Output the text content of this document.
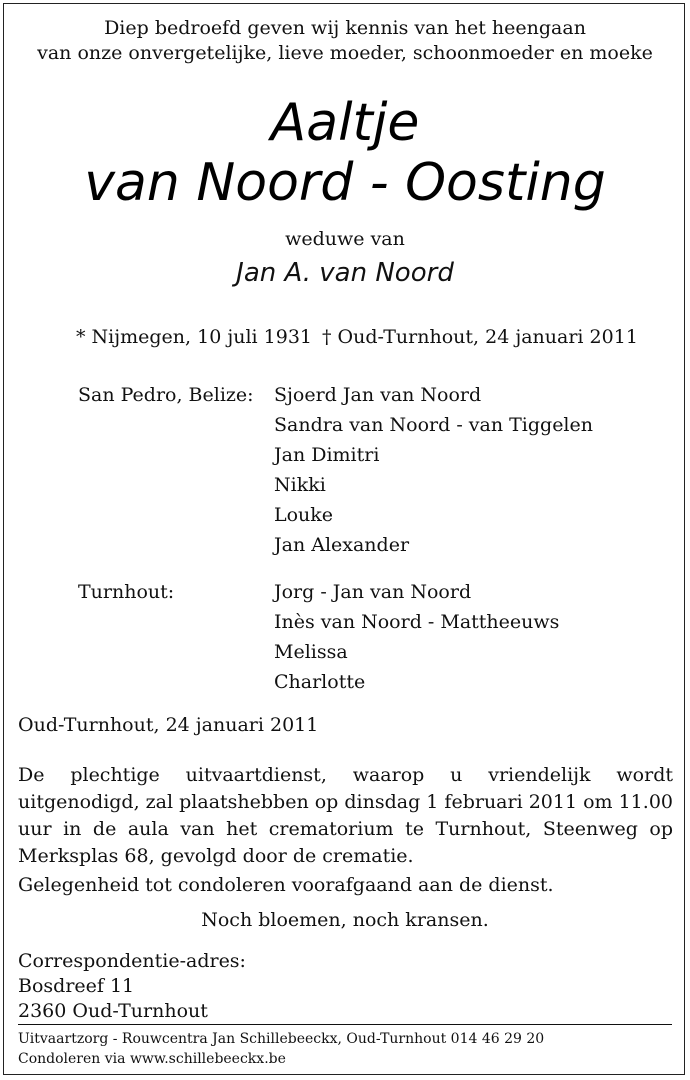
Diep bedroefd geven wij kennis van het heengaan
van onze onvergetelijke, lieve moeder, schoonmoeder en moeke
Aaltje
van Noord - Oosting
weduwe van
Jan A. van Noord
* Nijmegen, 10 juli 1931 † Oud-Turnhout, 24 januari 2011
San Pedro, Belize: Sjoerd Jan van Noord
Sandra van Noord - van Tiggelen
Jan Dimitri
Nikki
Louke
Jan Alexander
Turnhout:	Jorg - Jan van Noord
Inès van Noord - Mattheeuws
Melissa
Charlotte
Oud-Turnhout, 24 januari 2011
De plechtige uitvaartdienst, waarop u vriendelijk wordt uitgenodigd, zal plaatshebben op dinsdag 1 februari 2011 om 11.00 uur in de aula van het crematorium te Turnhout, Steenweg op Merksplas 68, gevolgd door de crematie.
Gelegenheid tot condoleren voorafgaand aan de dienst.
Noch bloemen, noch kransen.
Correspondentie-adres:
Bosdreef 11
2360 Oud-Turnhout
Uitvaartzorg - Rouwcentra Jan Schillebeeckx, Oud-Turnhout 014 46 29 20
Condoleren via www.schillebeeckx.be
